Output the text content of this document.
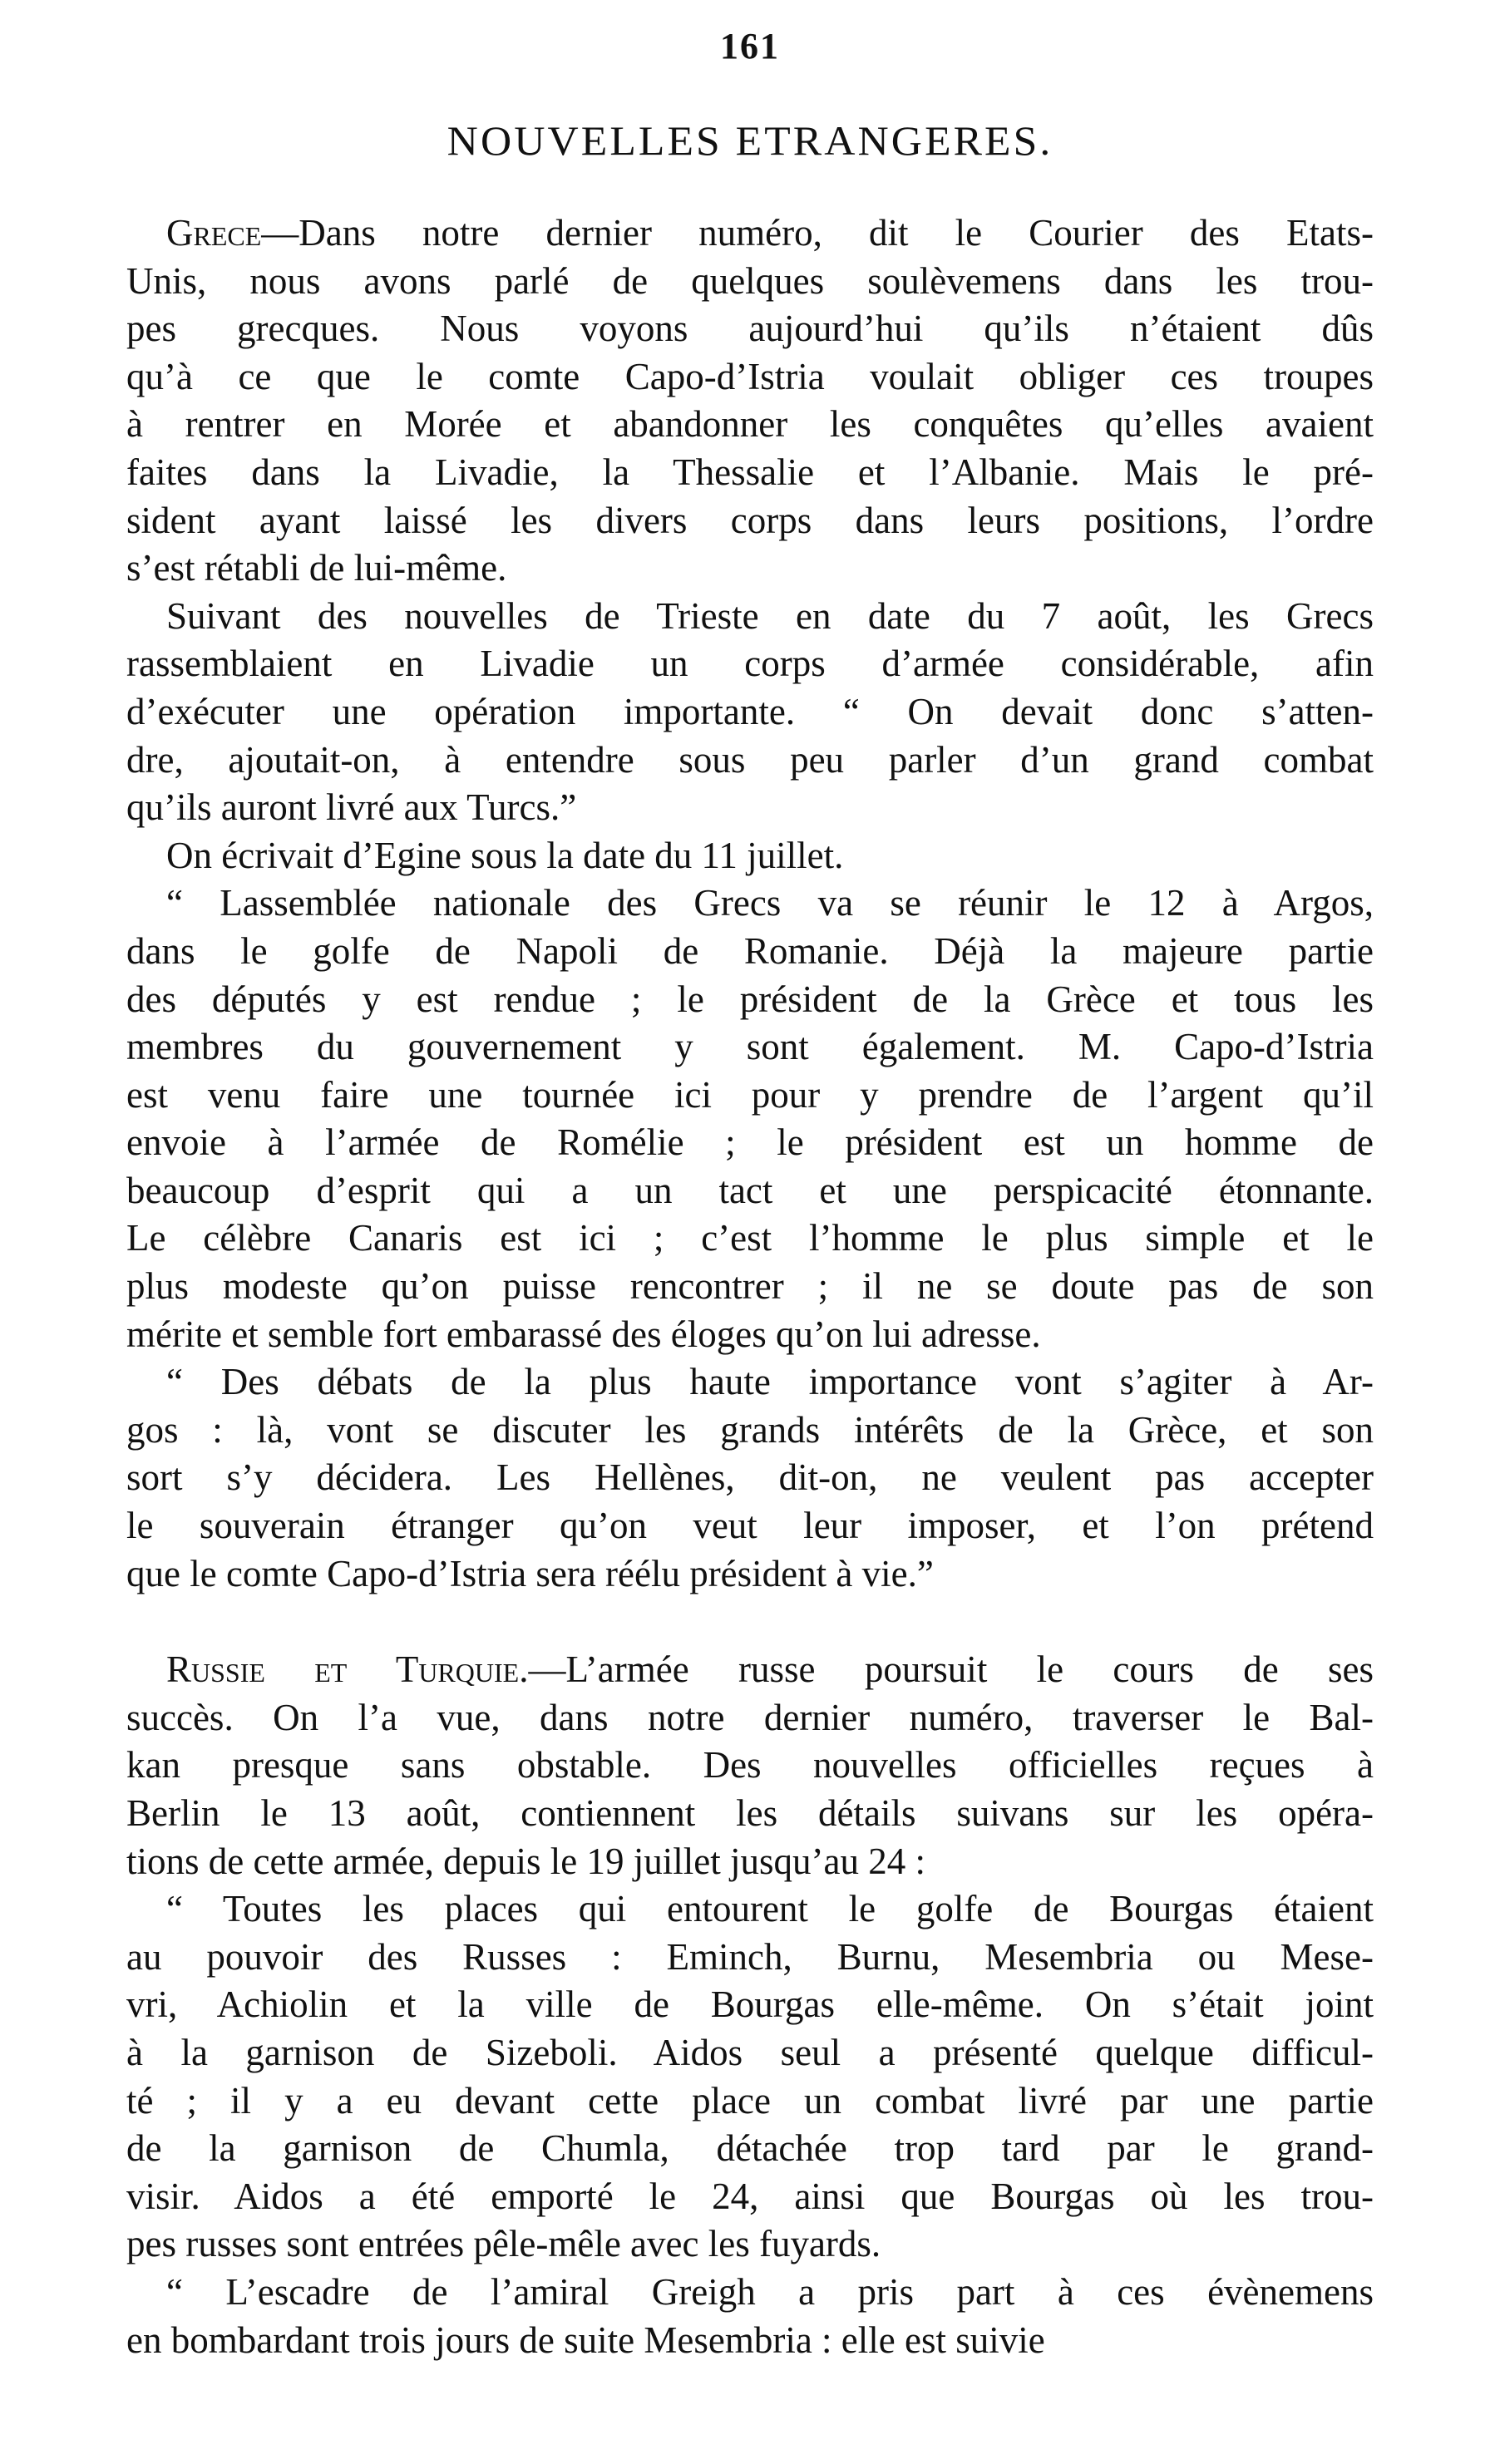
161
NOUVELLES ETRANGERES.
Grece—Dans notre dernier numéro, dit le Courier des Etats-
Unis, nous avons parlé de quelques soulèvemens dans les trou-
pes grecques. Nous voyons aujourd’hui qu’ils n’étaient dûs
qu’à ce que le comte Capo-d’Istria voulait obliger ces troupes
à rentrer en Morée et abandonner les conquêtes qu’elles avaient
faites dans la Livadie, la Thessalie et l’Albanie. Mais le pré-
sident ayant laissé les divers corps dans leurs positions, l’ordre
s’est rétabli de lui-même.
Suivant des nouvelles de Trieste en date du 7 août, les Grecs
rassemblaient en Livadie un corps d’armée considérable, afin
d’exécuter une opération importante. “ On devait donc s’atten-
dre, ajoutait-on, à entendre sous peu parler d’un grand combat
qu’ils auront livré aux Turcs.”
On écrivait d’Egine sous la date du 11 juillet.
“ Lassemblée nationale des Grecs va se réunir le 12 à Argos,
dans le golfe de Napoli de Romanie. Déjà la majeure partie
des députés y est rendue ; le président de la Grèce et tous les
membres du gouvernement y sont également. M. Capo-d’Istria
est venu faire une tournée ici pour y prendre de l’argent qu’il
envoie à l’armée de Romélie ; le président est un homme de
beaucoup d’esprit qui a un tact et une perspicacité étonnante.
Le célèbre Canaris est ici ; c’est l’homme le plus simple et le
plus modeste qu’on puisse rencontrer ; il ne se doute pas de son
mérite et semble fort embarassé des éloges qu’on lui adresse.
“ Des débats de la plus haute importance vont s’agiter à Ar-
gos : là, vont se discuter les grands intérêts de la Grèce, et son
sort s’y décidera. Les Hellènes, dit-on, ne veulent pas accepter
le souverain étranger qu’on veut leur imposer, et l’on prétend
que le comte Capo-d’Istria sera réélu président à vie.”
Russie et Turquie.—L’armée russe poursuit le cours de ses
succès. On l’a vue, dans notre dernier numéro, traverser le Bal-
kan presque sans obstable. Des nouvelles officielles reçues à
Berlin le 13 août, contiennent les détails suivans sur les opéra-
tions de cette armée, depuis le 19 juillet jusqu’au 24 :
“ Toutes les places qui entourent le golfe de Bourgas étaient
au pouvoir des Russes : Eminch, Burnu, Mesembria ou Mese-
vri, Achiolin et la ville de Bourgas elle-même. On s’était joint
à la garnison de Sizeboli. Aidos seul a présenté quelque difficul-
té ; il y a eu devant cette place un combat livré par une partie
de la garnison de Chumla, détachée trop tard par le grand-
visir. Aidos a été emporté le 24, ainsi que Bourgas où les trou-
pes russes sont entrées pêle-mêle avec les fuyards.
“ L’escadre de l’amiral Greigh a pris part à ces évènemens
en bombardant trois jours de suite Mesembria : elle est suivie
